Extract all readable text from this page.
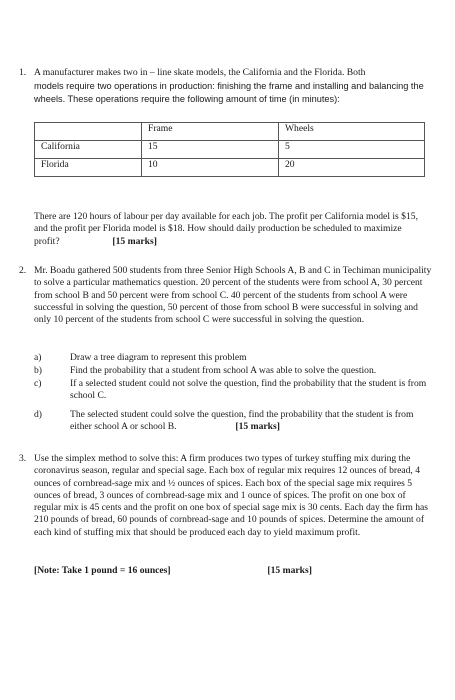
1. A manufacturer makes two in – line skate models, the California and the Florida. Both
models require two operations in production: finishing the frame and installing and balancing the wheels. These operations require the following amount of time (in minutes):
	Frame	Wheels
California	15	5
Florida	10	20
There are 120 hours of labour per day available for each job. The profit per California model is $15, and the profit per Florida model is $18. How should daily production be scheduled to maximize profit?	[15 marks]
2. Mr. Boadu gathered 500 students from three Senior High Schools A, B and C in Techiman municipality to solve a particular mathematics question. 20 percent of the students were from school A, 30 percent from school B and 50 percent were from school C. 40 percent of the students from school A were successful in solving the question, 50 percent of those from school B were successful in solving and only 10 percent of the students from school C were successful in solving the question.
a)	Draw a tree diagram to represent this problem
b)	Find the probability that a student from school A was able to solve the question.
c)	If a selected student could not solve the question, find the probability that the student is from school C.
d)	The selected student could solve the question, find the probability that the student is from either school A or school B.	[15 marks]
3. Use the simplex method to solve this: A firm produces two types of turkey stuffing mix during the coronavirus season, regular and special sage. Each box of regular mix requires 12 ounces of bread, 4 ounces of cornbread-sage mix and ½ ounces of spices. Each box of the special sage mix requires 5 ounces of bread, 3 ounces of cornbread-sage mix and 1 ounce of spices. The profit on one box of regular mix is 45 cents and the profit on one box of special sage mix is 30 cents. Each day the firm has 210 pounds of bread, 60 pounds of cornbread-sage and 10 pounds of spices. Determine the amount of each kind of stuffing mix that should be produced each day to yield maximum profit.
[Note: Take 1 pound = 16 ounces]	[15 marks]
